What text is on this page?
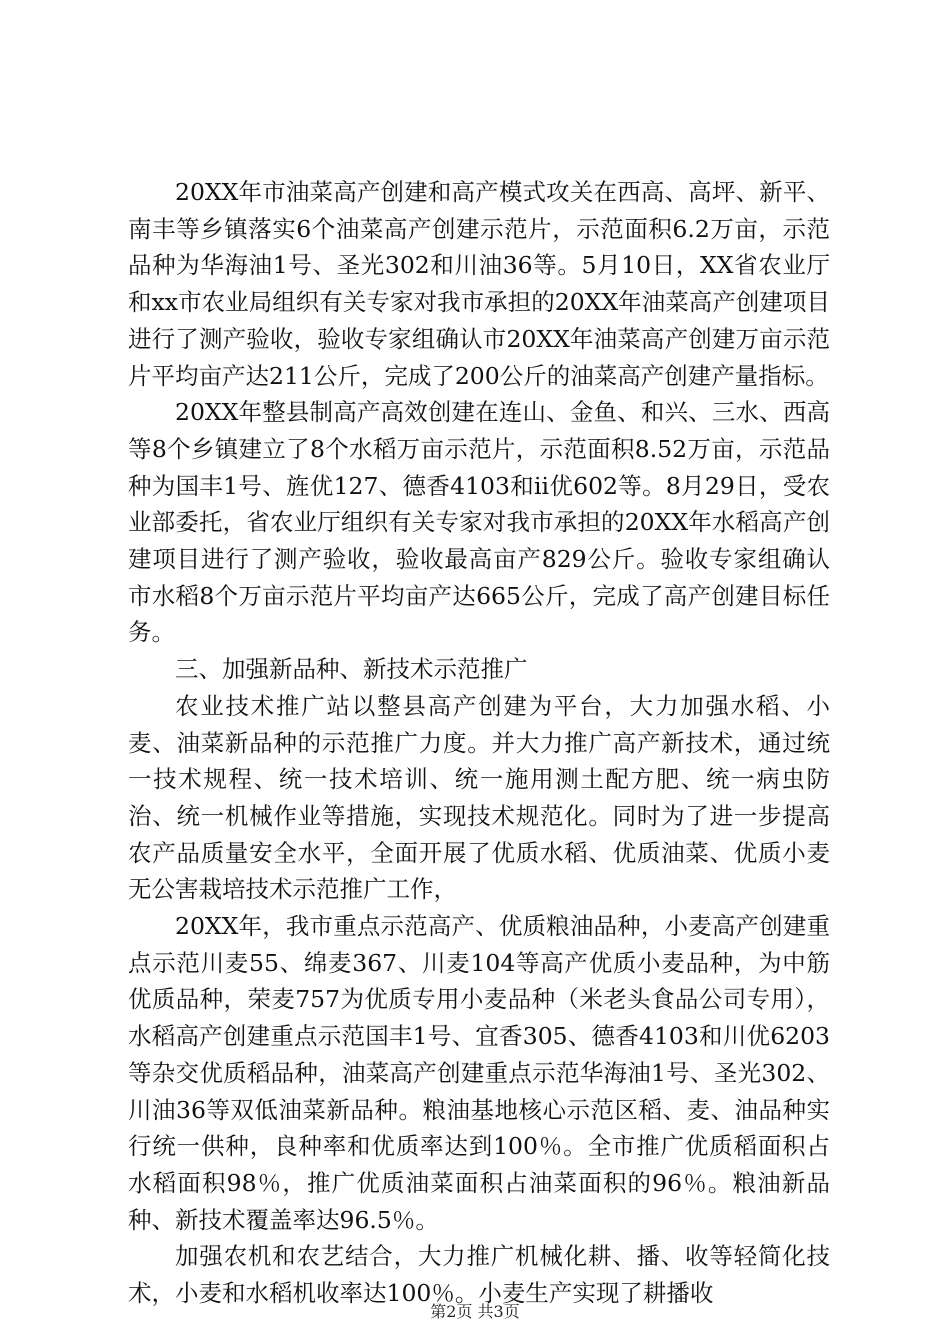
20XX年市油菜高产创建和高产模式攻关在西高、高坪、新平、南丰等乡镇落实6个油菜高产创建示范片，示范面积6.2万亩，示范品种为华海油1号、圣光302和川油36等。5月10日，XX省农业厅和xx市农业局组织有关专家对我市承担的20XX年油菜高产创建项目进行了测产验收，验收专家组确认市20XX年油菜高产创建万亩示范片平均亩产达211公斤，完成了200公斤的油菜高产创建产量指标。

20XX年整县制高产高效创建在连山、金鱼、和兴、三水、西高等8个乡镇建立了8个水稻万亩示范片，示范面积8.52万亩，示范品种为国丰1号、旌优127、德香4103和ii优602等。8月29日，受农业部委托，省农业厅组织有关专家对我市承担的20XX年水稻高产创建项目进行了测产验收，验收最高亩产829公斤。验收专家组确认市水稻8个万亩示范片平均亩产达665公斤，完成了高产创建目标任务。

三、加强新品种、新技术示范推广

农业技术推广站以整县高产创建为平台，大力加强水稻、小麦、油菜新品种的示范推广力度。并大力推广高产新技术，通过统一技术规程、统一技术培训、统一施用测土配方肥、统一病虫防治、统一机械作业等措施，实现技术规范化。同时为了进一步提高农产品质量安全水平，全面开展了优质水稻、优质油菜、优质小麦无公害栽培技术示范推广工作，

20XX年，我市重点示范高产、优质粮油品种，小麦高产创建重点示范川麦55、绵麦367、川麦104等高产优质小麦品种，为中筋优质品种，荣麦757为优质专用小麦品种（米老头食品公司专用），水稻高产创建重点示范国丰1号、宜香305、德香4103和川优6203等杂交优质稻品种，油菜高产创建重点示范华海油1号、圣光302、川油36等双低油菜新品种。粮油基地核心示范区稻、麦、油品种实行统一供种，良种率和优质率达到100％。全市推广优质稻面积占水稻面积98％，推广优质油菜面积占油菜面积的96％。粮油新品种、新技术覆盖率达96.5％。

加强农机和农艺结合，大力推广机械化耕、播、收等轻简化技术，小麦和水稻机收率达100％。小麦生产实现了耕播收

第2页 共3页
